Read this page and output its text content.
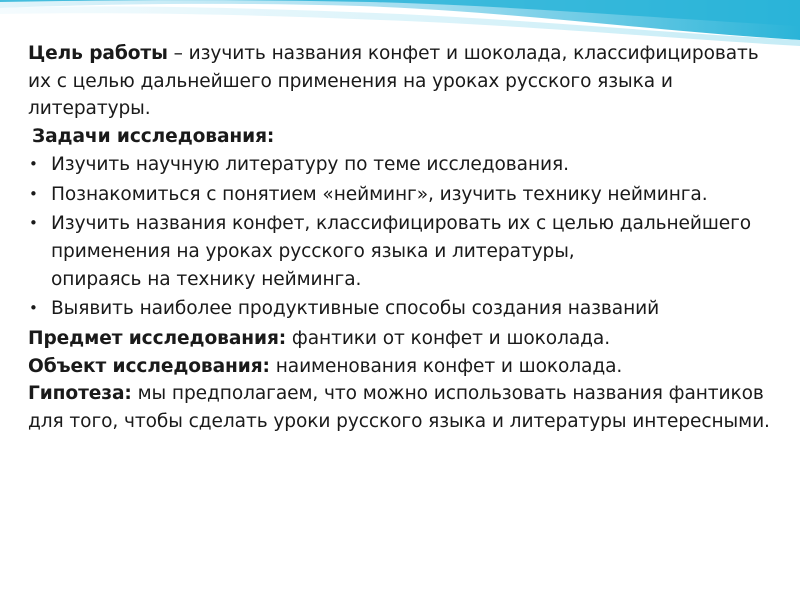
Цель работы – изучить названия конфет и шоколада, классифицировать их с целью дальнейшего применения на уроках русского языка и литературы.

Задачи исследования:

• Изучить научную литературу по теме исследования.
• Познакомиться с понятием «нейминг», изучить технику нейминга.
• Изучить названия конфет, классифицировать их с целью дальнейшего применения на уроках русского языка и литературы,
опираясь на технику нейминга.
• Выявить наиболее продуктивные способы создания названий

Предмет исследования: фантики от конфет и шоколада.

Объект исследования: наименования конфет и шоколада.

Гипотеза: мы предполагаем, что можно использовать названия фантиков для того, чтобы сделать уроки русского языка и литературы интересными.
